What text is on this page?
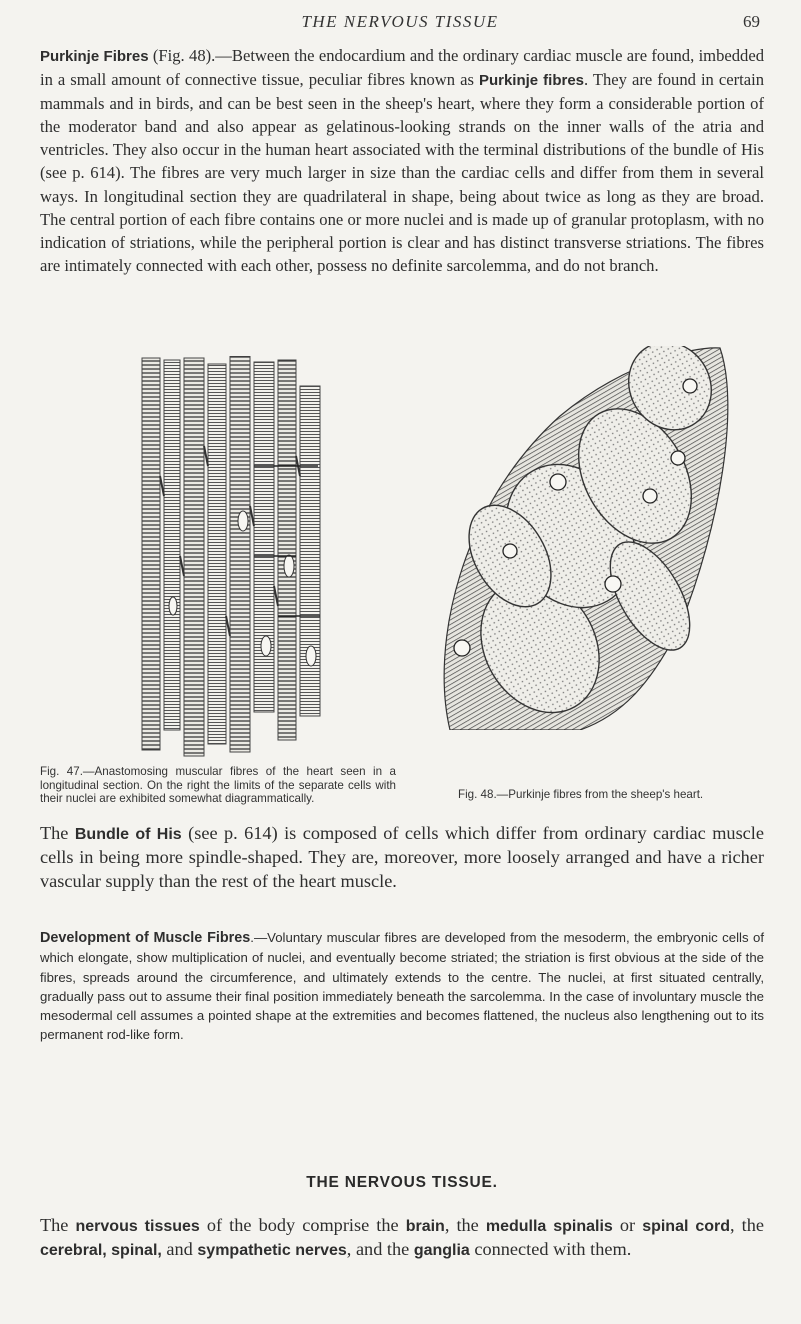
THE NERVOUS TISSUE	69

Purkinje Fibres (Fig. 48).—Between the endocardium and the ordinary cardiac muscle are found, imbedded in a small amount of connective tissue, peculiar fibres known as Purkinje fibres. They are found in certain mammals and in birds, and can be best seen in the sheep's heart, where they form a considerable portion of the moderator band and also appear as gelatinous-looking strands on the inner walls of the atria and ventricles. They also occur in the human heart associated with the terminal distributions of the bundle of His (see p. 614). The fibres are very much larger in size than the cardiac cells and differ from them in several ways. In longitudinal section they are quadrilateral in shape, being about twice as long as they are broad. The central portion of each fibre contains one or more nuclei and is made up of granular protoplasm, with no indication of striations, while the peripheral portion is clear and has distinct transverse striations. The fibres are intimately connected with each other, possess no definite sarcolemma, and do not branch.

Fig. 47.—Anastomosing muscular fibres of the heart seen in a longitudinal section. On the right the limits of the separate cells with their nuclei are exhibited somewhat diagrammatically.	Fig. 48.—Purkinje fibres from the sheep's heart.

The Bundle of His (see p. 614) is composed of cells which differ from ordinary cardiac muscle cells in being more spindle-shaped. They are, moreover, more loosely arranged and have a richer vascular supply than the rest of the heart muscle.

Development of Muscle Fibres.—Voluntary muscular fibres are developed from the mesoderm, the embryonic cells of which elongate, show multiplication of nuclei, and eventually become striated; the striation is first obvious at the side of the fibres, spreads around the circumference, and ultimately extends to the centre. The nuclei, at first situated centrally, gradually pass out to assume their final position immediately beneath the sarcolemma. In the case of involuntary muscle the mesodermal cell assumes a pointed shape at the extremities and becomes flattened, the nucleus also lengthening out to its permanent rod-like form.

THE NERVOUS TISSUE.

The nervous tissues of the body comprise the brain, the medulla spinalis or spinal cord, the cerebral, spinal, and sympathetic nerves, and the ganglia connected with them.
